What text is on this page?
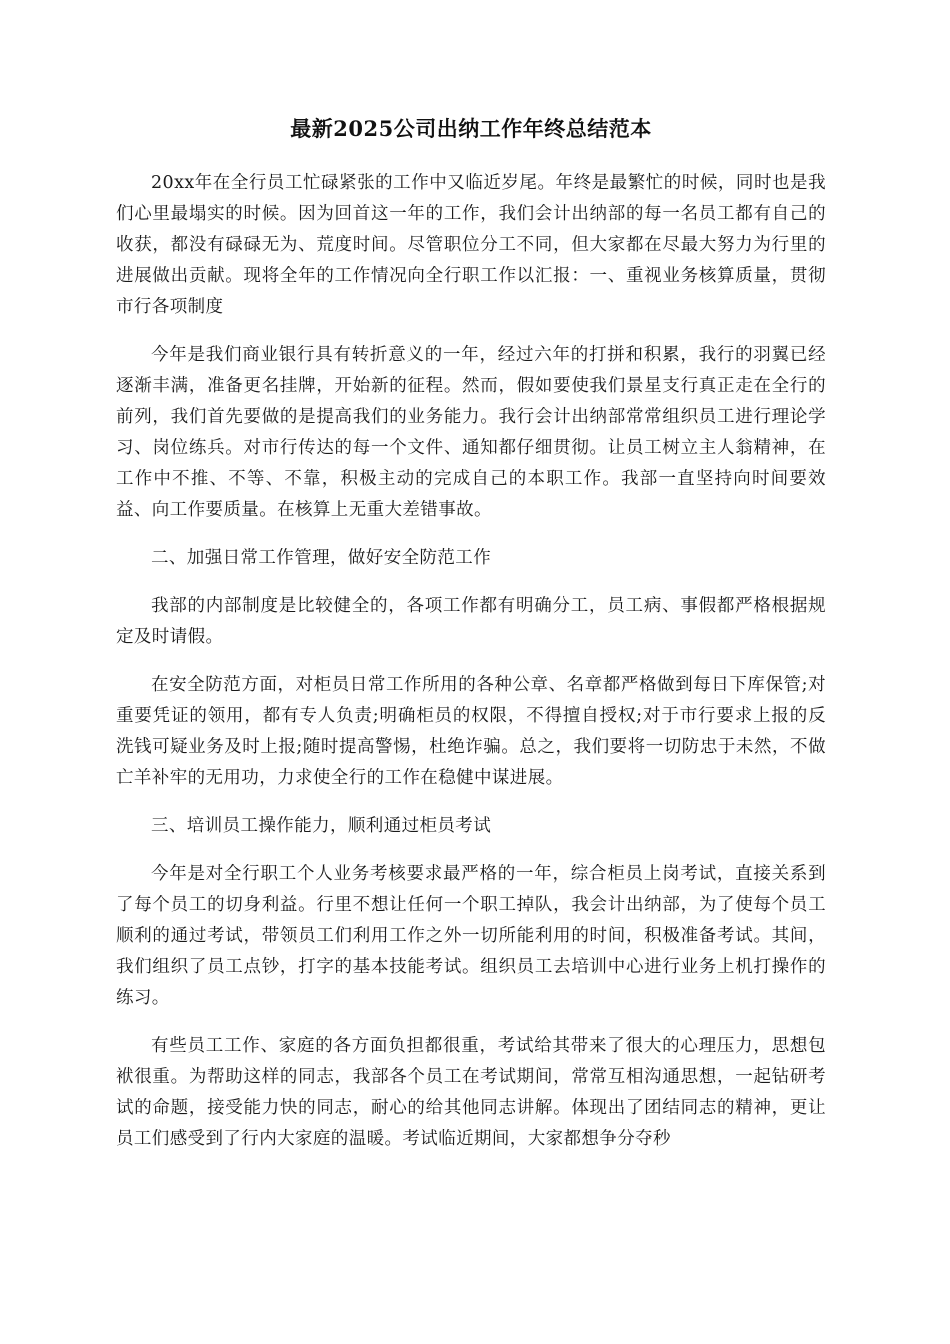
最新2025公司出纳工作年终总结范本

20xx年在全行员工忙碌紧张的工作中又临近岁尾。年终是最繁忙的时候，同时也是我们心里最塌实的时候。因为回首这一年的工作，我们会计出纳部的每一名员工都有自己的收获，都没有碌碌无为、荒度时间。尽管职位分工不同，但大家都在尽最大努力为行里的进展做出贡献。现将全年的工作情况向全行职工作以汇报：一、重视业务核算质量，贯彻市行各项制度

今年是我们商业银行具有转折意义的一年，经过六年的打拼和积累，我行的羽翼已经逐渐丰满，准备更名挂牌，开始新的征程。然而，假如要使我们景星支行真正走在全行的前列，我们首先要做的是提高我们的业务能力。我行会计出纳部常常组织员工进行理论学习、岗位练兵。对市行传达的每一个文件、通知都仔细贯彻。让员工树立主人翁精神，在工作中不推、不等、不靠，积极主动的完成自己的本职工作。我部一直坚持向时间要效益、向工作要质量。在核算上无重大差错事故。

二、加强日常工作管理，做好安全防范工作

我部的内部制度是比较健全的，各项工作都有明确分工，员工病、事假都严格根据规定及时请假。

在安全防范方面，对柜员日常工作所用的各种公章、名章都严格做到每日下库保管;对重要凭证的领用，都有专人负责;明确柜员的权限，不得擅自授权;对于市行要求上报的反洗钱可疑业务及时上报;随时提高警惕，杜绝诈骗。总之，我们要将一切防忠于未然，不做亡羊补牢的无用功，力求使全行的工作在稳健中谋进展。

三、培训员工操作能力，顺利通过柜员考试

今年是对全行职工个人业务考核要求最严格的一年，综合柜员上岗考试，直接关系到了每个员工的切身利益。行里不想让任何一个职工掉队，我会计出纳部，为了使每个员工顺利的通过考试，带领员工们利用工作之外一切所能利用的时间，积极准备考试。其间，我们组织了员工点钞，打字的基本技能考试。组织员工去培训中心进行业务上机打操作的练习。

有些员工工作、家庭的各方面负担都很重，考试给其带来了很大的心理压力，思想包袱很重。为帮助这样的同志，我部各个员工在考试期间，常常互相沟通思想，一起钻研考试的命题，接受能力快的同志，耐心的给其他同志讲解。体现出了团结同志的精神，更让员工们感受到了行内大家庭的温暖。考试临近期间，大家都想争分夺秒
